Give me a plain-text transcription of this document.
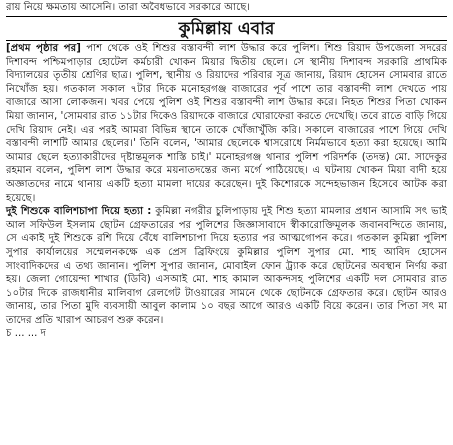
রায় নিয়ে ক্ষমতায় আসেনি। তারা অবৈধভাবে সরকারে আছে।
কুমিল্লায় এবার

[প্রথম পৃষ্ঠার পর] পাশ থেকে ওই শিশুর বস্তাবন্দী লাশ উদ্ধার করে পুলিশ। শিশু রিয়াদ উপজেলা সদরের দিশাবন্দ পশ্চিমপাড়ার হোটেল কর্মচারী খোকন মিয়ার দ্বিতীয় ছেলে। সে স্থানীয় দিশাবন্দ সরকারি প্রাথমিক বিদ্যালয়ের তৃতীয় শ্রেণির ছাত্র। পুলিশ, স্থানীয় ও রিয়াদের পরিবার সূত্র জানায়, রিয়াদ হোসেন সোমবার রাতে নিখোঁজ হয়। গতকাল সকাল ৭টার দিকে মনোহরগঞ্জ বাজারের পূর্ব পাশে তার বস্তাবন্দী লাশ দেখতে পায় বাজারে আসা লোকজন। খবর পেয়ে পুলিশ ওই শিশুর বস্তাবন্দী লাশ উদ্ধার করে। নিহত শিশুর পিতা খোকন মিয়া জানান, 'সোমবার রাত ১১টার দিকেও রিয়াদকে বাজারে ঘোরাফেরা করতে দেখেছি। তবে রাতে বাড়ি গিয়ে দেখি রিয়াদ নেই। এর পরই আমরা বিভিন্ন স্থানে তাকে খোঁজাখুঁজি করি। সকালে বাজারের পাশে গিয়ে দেখি বস্তাবন্দী লাশটি আমার ছেলের।' তিনি বলেন, 'আমার ছেলেকে শ্বাসরোধে নির্মমভাবে হত্যা করা হয়েছে। আমি আমার ছেলে হত্যাকারীদের দৃষ্টান্তমূলক শাস্তি চাই।' মনোহরগঞ্জ থানার পুলিশ পরিদর্শক (তদন্ত) মো. সাদেকুর রহমান বলেন, পুলিশ লাশ উদ্ধার করে ময়নাতদন্তের জন্য মর্গে পাঠিয়েছে। এ ঘটনায় খোকন মিয়া বাদী হয়ে অজ্ঞাতদের নামে থানায় একটি হত্যা মামলা দায়ের করেছেন। দুই কিশোরকে সন্দেহভাজন হিসেবে আটক করা হয়েছে।

দুই শিশুকে বালিশচাপা দিয়ে হত্যা : কুমিল্লা নগরীর চুলিপাড়ায় দুই শিশু হত্যা মামলার প্রধান আসামি সৎ ভাই আল সফিউল ইসলাম ছোটন গ্রেফতারের পর পুলিশের জিজ্ঞাসাবাদে স্বীকারোক্তিমূলক জবানবন্দিতে জানায়, সে একাই দুই শিশুকে রশি দিয়ে বেঁধে বালিশচাপা দিয়ে হত্যার পর আত্মগোপন করে। গতকাল কুমিল্লা পুলিশ সুপার কার্যালয়ের সম্মেলনকক্ষে এক প্রেস ব্রিফিংয়ে কুমিল্লার পুলিশ সুপার মো. শাহ আবিদ হোসেন সাংবাদিকদের এ তথ্য জানান। পুলিশ সুপার জানান, মোবাইল ফোন ট্র্যাক করে ছোটনের অবস্থান নির্ণয় করা হয়। জেলা গোয়েন্দা শাখার (ডিবি) এসআই মো. শাহ কামাল আকন্দসহ পুলিশের একটি দল সোমবার রাত ১০টার দিকে রাজধানীর মালিবাগ রেলগেট টাওয়ারের সামনে থেকে ছোটনকে গ্রেফতার করে। ছোটন আরও জানায়, তার পিতা মুদি ব্যবসায়ী আবুল কালাম ১০ বছর আগে আরও একটি বিয়ে করেন। তার পিতা সৎ মা তাদের প্রতি খারাপ আচরণ শুরু করেন।

চ ... ... দ
